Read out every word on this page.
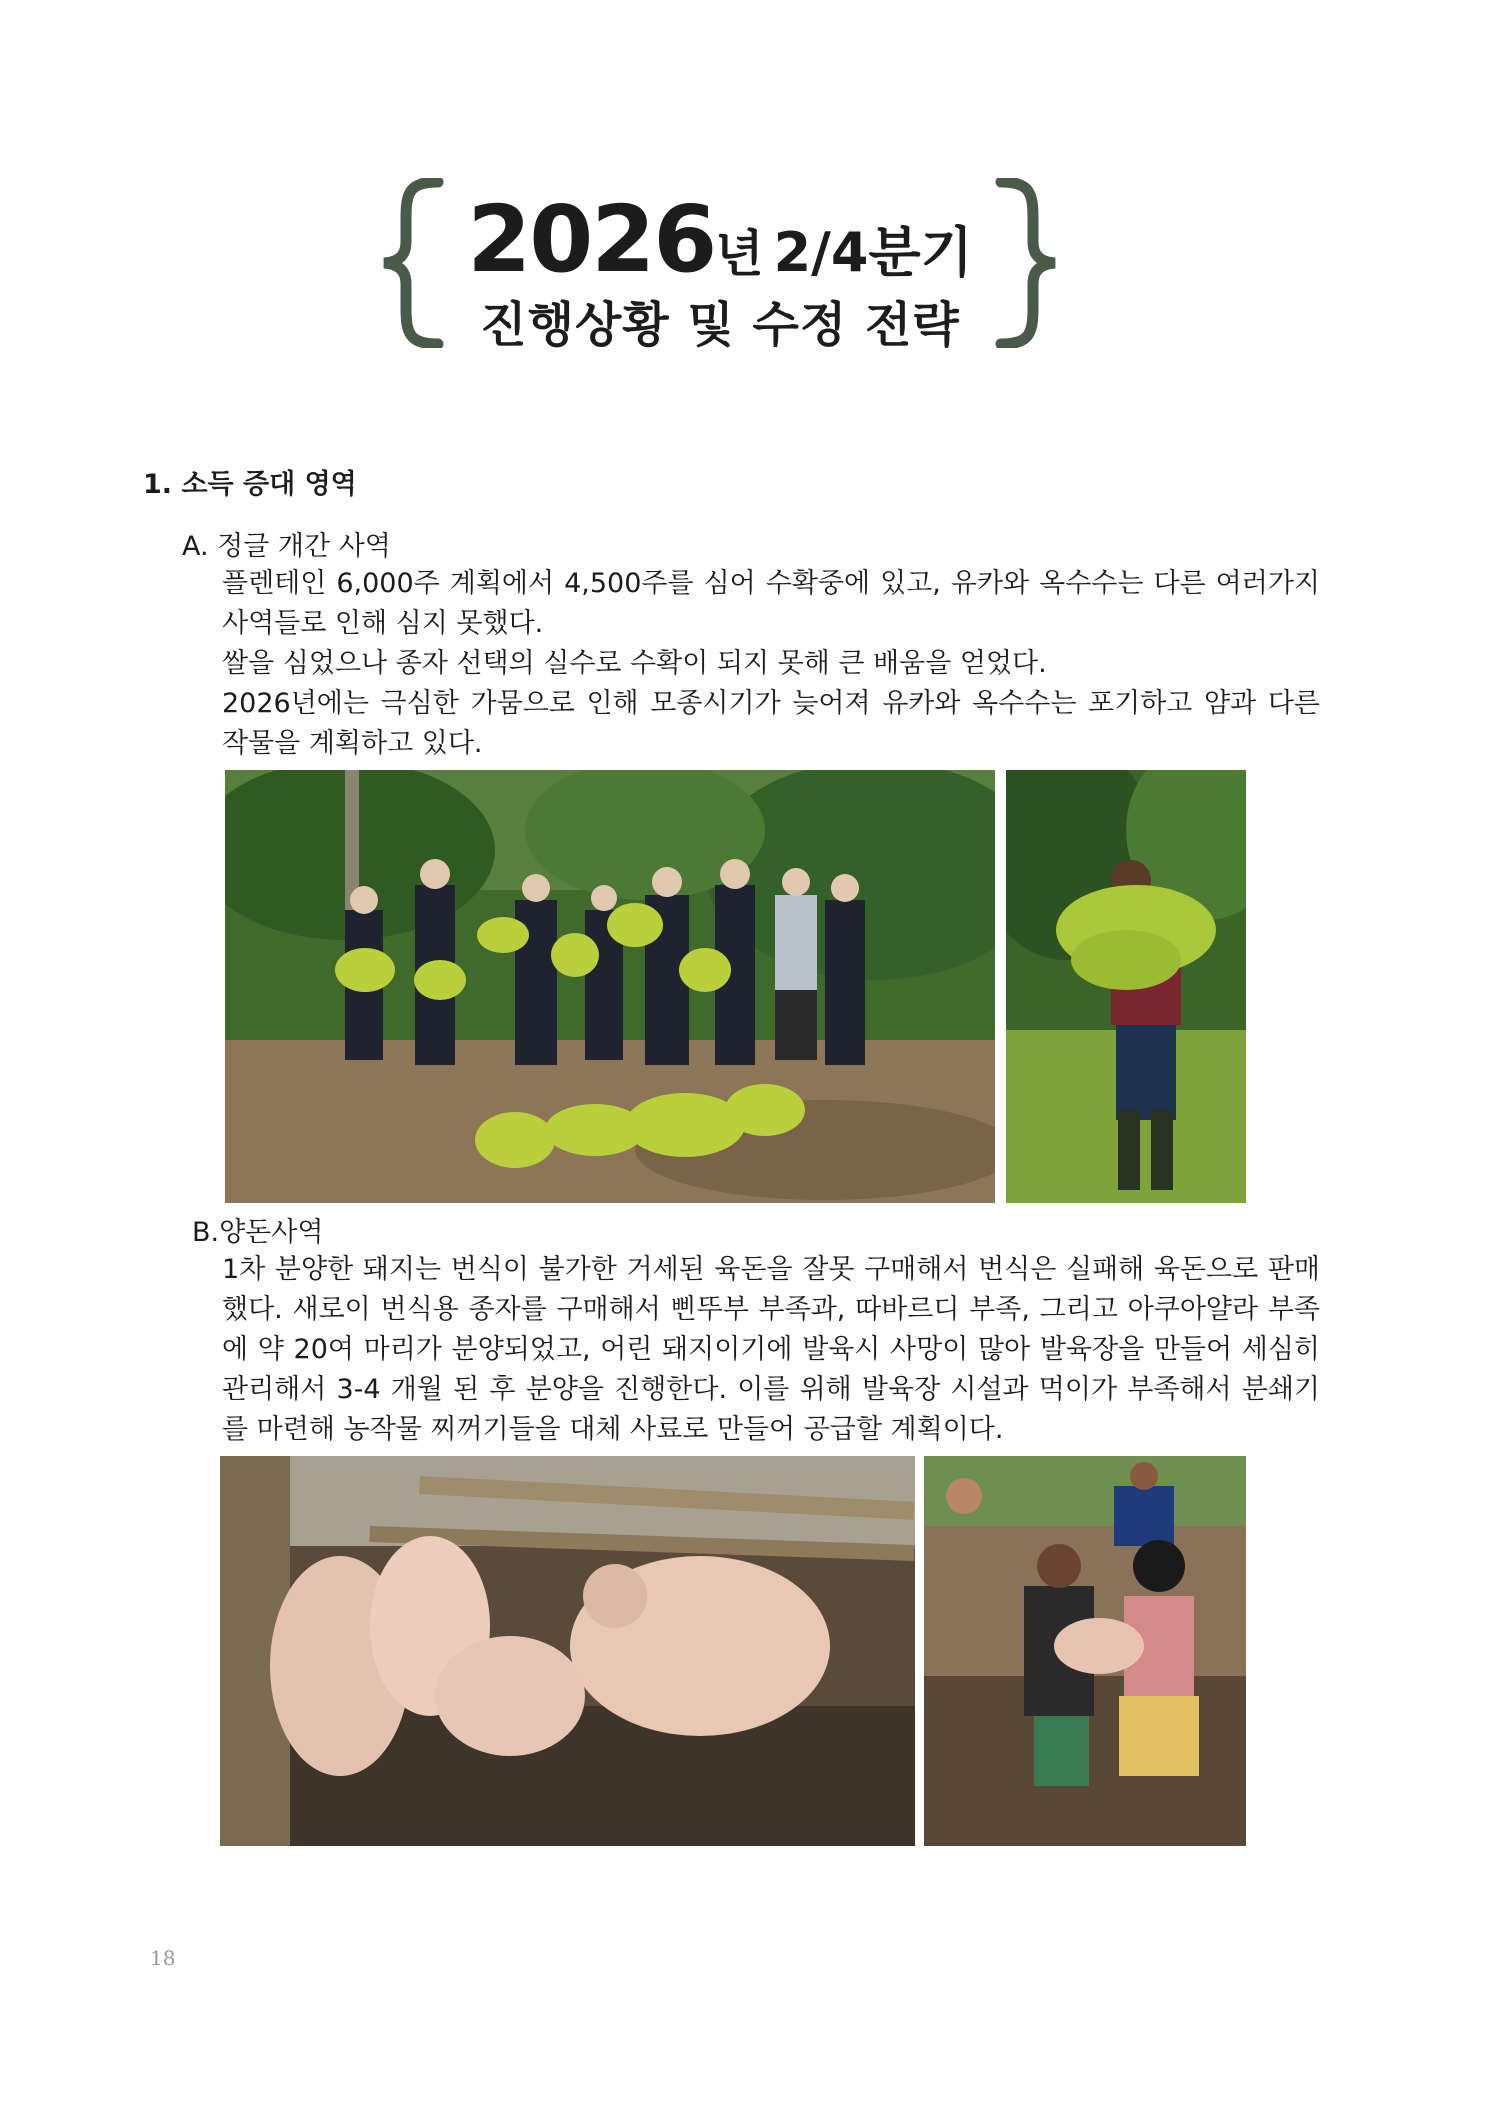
2026년 2/4분기
진행상황 및 수정 전략
1. 소득 증대 영역
A. 정글 개간 사역

플렌테인 6,000주 계획에서 4,500주를 심어 수확중에 있고, 유카와 옥수수는 다른 여러가지 사역들로 인해 심지 못했다.

쌀을 심었으나 종자 선택의 실수로 수확이 되지 못해 큰 배움을 얻었다.

2026년에는 극심한 가뭄으로 인해 모종시기가 늦어져 유카와 옥수수는 포기하고 얌과 다른 작물을 계획하고 있다.

B.양돈사역

1차 분양한 돼지는 번식이 불가한 거세된 육돈을 잘못 구매해서 번식은 실패해 육돈으로 판매했다. 새로이 번식용 종자를 구매해서 삔뚜부 부족과, 따바르디 부족, 그리고 아쿠아얄라 부족에 약 20여 마리가 분양되었고, 어린 돼지이기에 발육시 사망이 많아 발육장을 만들어 세심히 관리해서 3-4 개월 된 후 분양을 진행한다. 이를 위해 발육장 시설과 먹이가 부족해서 분쇄기를 마련해 농작물 찌꺼기들을 대체 사료로 만들어 공급할 계획이다.

18
